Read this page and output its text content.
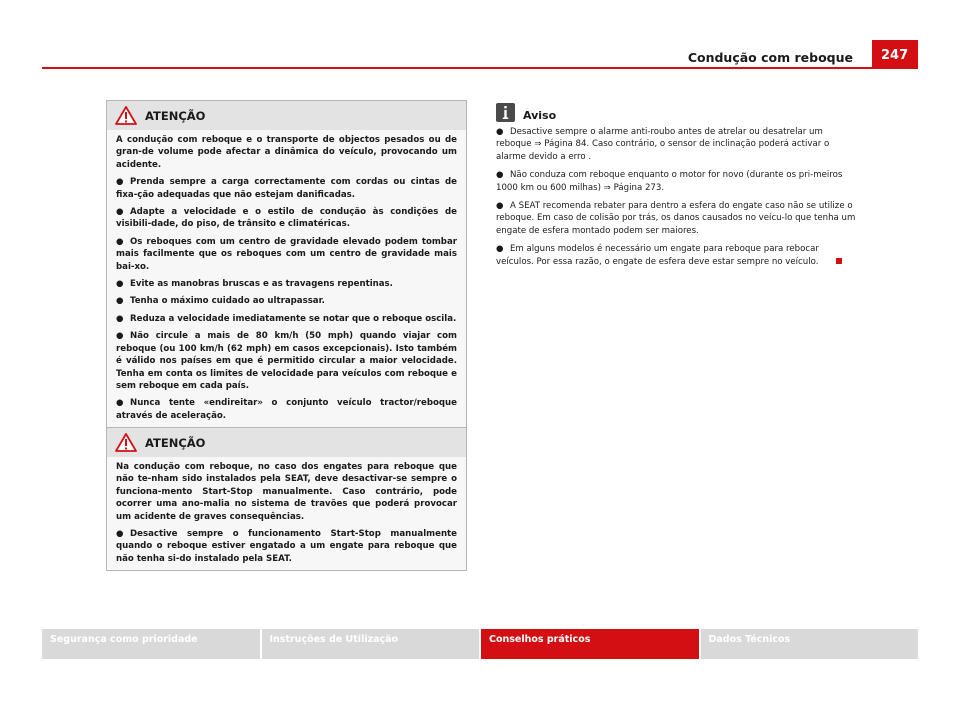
Condução com reboque	247
ATENÇÃO

A condução com reboque e o transporte de objectos pesados ou de gran-de volume pode afectar a dinâmica do veículo, provocando um acidente.

● Prenda sempre a carga correctamente com cordas ou cintas de fixa-ção adequadas que não estejam danificadas.

● Adapte a velocidade e o estilo de condução às condições de visibili-dade, do piso, de trânsito e climatéricas.

● Os reboques com um centro de gravidade elevado podem tombar mais facilmente que os reboques com um centro de gravidade mais bai-xo.

● Evite as manobras bruscas e as travagens repentinas.

● Tenha o máximo cuidado ao ultrapassar.

● Reduza a velocidade imediatamente se notar que o reboque oscila.

● Não circule a mais de 80 km/h (50 mph) quando viajar com reboque (ou 100 km/h (62 mph) em casos excepcionais). Isto também é válido nos países em que é permitido circular a maior velocidade. Tenha em conta os limites de velocidade para veículos com reboque e sem reboque em cada país.

● Nunca tente «endireitar» o conjunto veículo tractor/reboque através de aceleração.

ATENÇÃO

Na condução com reboque, no caso dos engates para reboque que não te-nham sido instalados pela SEAT, deve desactivar-se sempre o funciona-mento Start-Stop manualmente. Caso contrário, pode ocorrer uma ano-malia no sistema de travões que poderá provocar um acidente de graves consequências.

● Desactive sempre o funcionamento Start-Stop manualmente quando o reboque estiver engatado a um engate para reboque que não tenha si-do instalado pela SEAT.

Aviso

● Desactive sempre o alarme anti-roubo antes de atrelar ou desatrelar um reboque ⇒ Página 84. Caso contrário, o sensor de inclinação poderá activar o alarme devido a erro .

● Não conduza com reboque enquanto o motor for novo (durante os pri-meiros 1000 km ou 600 milhas) ⇒ Página 273.

● A SEAT recomenda rebater para dentro a esfera do engate caso não se utilize o reboque. Em caso de colisão por trás, os danos causados no veícu-lo que tenha um engate de esfera montado podem ser maiores.

● Em alguns modelos é necessário um engate para reboque para rebocar veículos. Por essa razão, o engate de esfera deve estar sempre no veículo.

Segurança como prioridade	Instruções de Utilização	Conselhos práticos	Dados Técnicos
